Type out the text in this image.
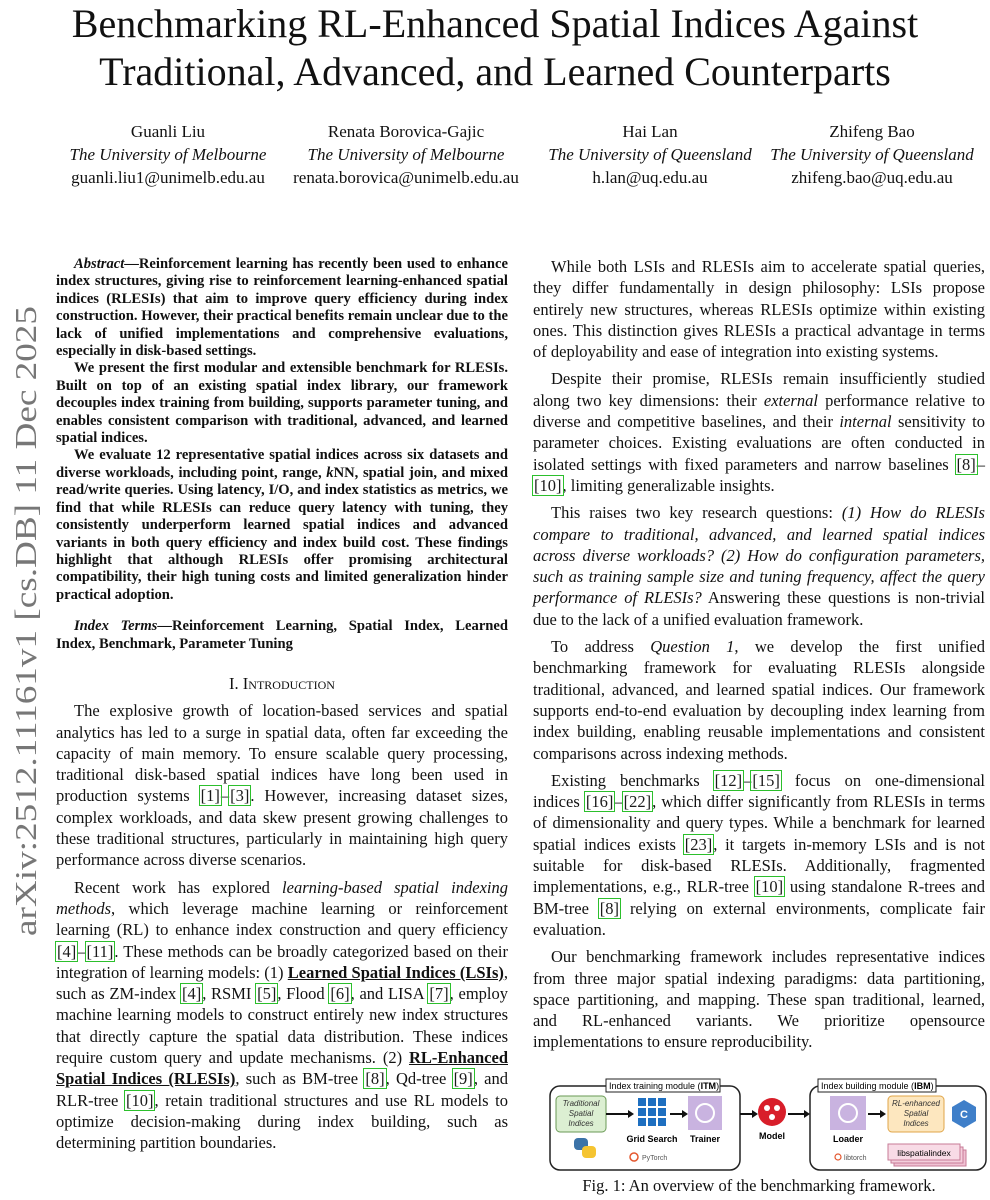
Benchmarking RL-Enhanced Spatial Indices Against
Traditional, Advanced, and Learned Counterparts
Guanli Liu
The University of Melbourne
guanli.liu1@unimelb.edu.au
Renata Borovica-Gajic
The University of Melbourne
renata.borovica@unimelb.edu.au
Hai Lan
The University of Queensland
h.lan@uq.edu.au
Zhifeng Bao
The University of Queensland
zhifeng.bao@uq.edu.au
arXiv:2512.11161v1 [cs.DB] 11 Dec 2025

Abstract—Reinforcement learning has recently been used to enhance index structures, giving rise to reinforcement learning-enhanced spatial indices (RLESIs) that aim to improve query efficiency during index construction. However, their practical benefits remain unclear due to the lack of unified implementations and comprehensive evaluations, especially in disk-based settings.

We present the first modular and extensible benchmark for RLESIs. Built on top of an existing spatial index library, our framework decouples index training from building, supports parameter tuning, and enables consistent comparison with traditional, advanced, and learned spatial indices.

We evaluate 12 representative spatial indices across six datasets and diverse workloads, including point, range, kNN, spatial join, and mixed read/write queries. Using latency, I/O, and index statistics as metrics, we find that while RLESIs can reduce query latency with tuning, they consistently underperform learned spatial indices and advanced variants in both query efficiency and index build cost. These findings highlight that although RLESIs offer promising architectural compatibility, their high tuning costs and limited generalization hinder practical adoption.

Index Terms—Reinforcement Learning, Spatial Index, Learned Index, Benchmark, Parameter Tuning
I. Introduction

The explosive growth of location-based services and spatial analytics has led to a surge in spatial data, often far exceeding the capacity of main memory. To ensure scalable query processing, traditional disk-based spatial indices have long been used in production systems [1]–[3]. However, increasing dataset sizes, complex workloads, and data skew present growing challenges to these traditional structures, particularly in maintaining high query performance across diverse scenarios.

Recent work has explored learning-based spatial indexing methods, which leverage machine learning or reinforcement learning (RL) to enhance index construction and query efficiency [4]–[11]. These methods can be broadly categorized based on their integration of learning models: (1) Learned Spatial Indices (LSIs), such as ZM-index [4], RSMI [5], Flood [6], and LISA [7], employ machine learning models to construct entirely new index structures that directly capture the spatial data distribution. These indices require custom query and update mechanisms. (2) RL-Enhanced Spatial Indices (RLESIs), such as BM-tree [8], Qd-tree [9], and RLR-tree [10], retain traditional structures and use RL models to optimize decision-making during index building, such as determining partition boundaries.

While both LSIs and RLESIs aim to accelerate spatial queries, they differ fundamentally in design philosophy: LSIs propose entirely new structures, whereas RLESIs optimize within existing ones. This distinction gives RLESIs a practical advantage in terms of deployability and ease of integration into existing systems.

Despite their promise, RLESIs remain insufficiently studied along two key dimensions: their external performance relative to diverse and competitive baselines, and their internal sensitivity to parameter choices. Existing evaluations are often conducted in isolated settings with fixed parameters and narrow baselines [8]–[10], limiting generalizable insights.

This raises two key research questions: (1) How do RLESIs compare to traditional, advanced, and learned spatial indices across diverse workloads? (2) How do configuration parameters, such as training sample size and tuning frequency, affect the query performance of RLESIs? Answering these questions is non-trivial due to the lack of a unified evaluation framework.

To address Question 1, we develop the first unified benchmarking framework for evaluating RLESIs alongside traditional, advanced, and learned spatial indices. Our framework supports end-to-end evaluation by decoupling index learning from index building, enabling reusable implementations and consistent comparisons across indexing methods.

Existing benchmarks [12]–[15] focus on one-dimensional indices [16]–[22], which differ significantly from RLESIs in terms of dimensionality and query types. While a benchmark for learned spatial indices exists [23], it targets in-memory LSIs and is not suitable for disk-based RLESIs. Additionally, fragmented implementations, e.g., RLR-tree [10] using standalone R-trees and BM-tree [8] relying on external environments, complicate fair evaluation.

Our benchmarking framework includes representative indices from three major spatial indexing paradigms: data partitioning, space partitioning, and mapping. These span traditional, learned, and RL-enhanced variants. We prioritize opensource implementations to ensure reproducibility.

Index training module (ITM)
Traditional
Spatial
Indices
Grid Search
PyTorch
Trainer	Model
Index building module (IBM)
Loader
libtorch
RL-enhanced
Spatial
Indices
C
libspatialindex
Fig. 1: An overview of the benchmarking framework.
